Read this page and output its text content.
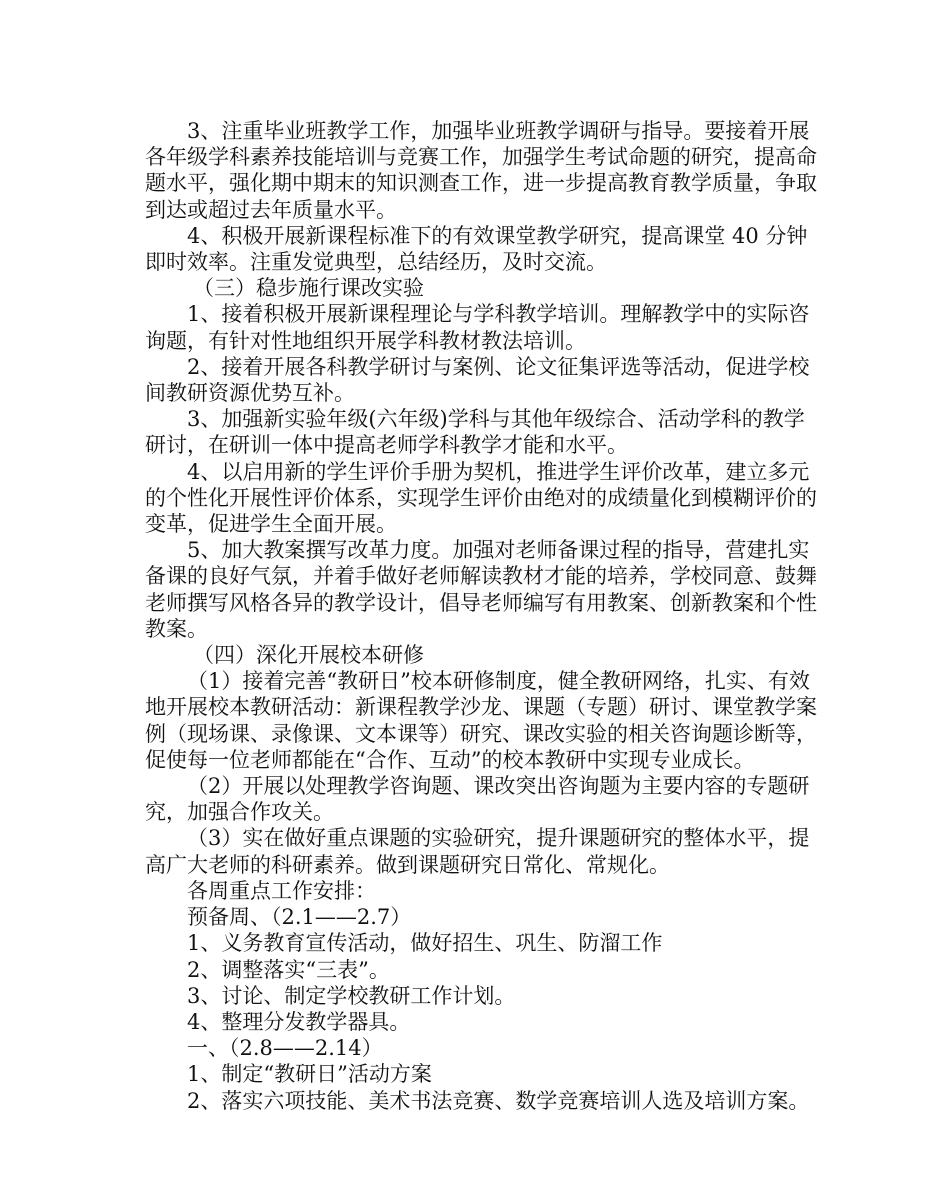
3、注重毕业班教学工作，加强毕业班教学调研与指导。要接着开展各年级学科素养技能培训与竞赛工作，加强学生考试命题的研究，提高命题水平，强化期中期末的知识测查工作，进一步提高教育教学质量，争取到达或超过去年质量水平。

4、积极开展新课程标准下的有效课堂教学研究，提高课堂 40 分钟即时效率。注重发觉典型，总结经历，及时交流。

（三）稳步施行课改实验

1、接着积极开展新课程理论与学科教学培训。理解教学中的实际咨询题，有针对性地组织开展学科教材教法培训。

2、接着开展各科教学研讨与案例、论文征集评选等活动，促进学校间教研资源优势互补。

3、加强新实验年级(六年级)学科与其他年级综合、活动学科的教学研讨，在研训一体中提高老师学科教学才能和水平。

4、以启用新的学生评价手册为契机，推进学生评价改革，建立多元的个性化开展性评价体系，实现学生评价由绝对的成绩量化到模糊评价的变革，促进学生全面开展。

5、加大教案撰写改革力度。加强对老师备课过程的指导，营建扎实备课的良好气氛，并着手做好老师解读教材才能的培养，学校同意、鼓舞老师撰写风格各异的教学设计，倡导老师编写有用教案、创新教案和个性教案。

（四）深化开展校本研修

（1）接着完善“教研日”校本研修制度，健全教研网络，扎实、有效地开展校本教研活动：新课程教学沙龙、课题（专题）研讨、课堂教学案例（现场课、录像课、文本课等）研究、课改实验的相关咨询题诊断等，促使每一位老师都能在“合作、互动”的校本教研中实现专业成长。

（2）开展以处理教学咨询题、课改突出咨询题为主要内容的专题研究，加强合作攻关。

（3）实在做好重点课题的实验研究，提升课题研究的整体水平，提高广大老师的科研素养。做到课题研究日常化、常规化。

各周重点工作安排：

预备周、（2.1——2.7）

1、义务教育宣传活动，做好招生、巩生、防溜工作

2、调整落实“三表”。

3、讨论、制定学校教研工作计划。

4、整理分发教学器具。

一、（2.8——2.14）

1、制定“教研日”活动方案

2、落实六项技能、美术书法竞赛、数学竞赛培训人选及培训方案。
